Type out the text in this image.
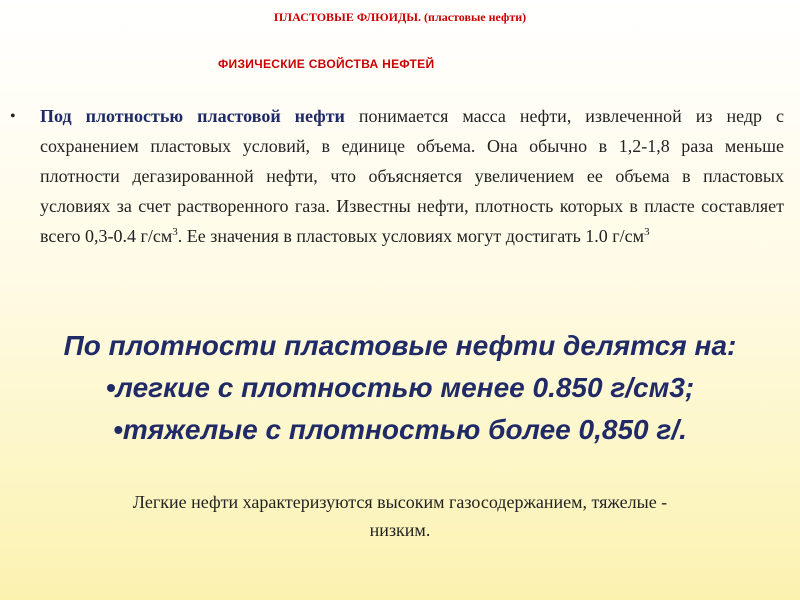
ПЛАСТОВЫЕ ФЛЮИДЫ. (пластовые нефти)
ФИЗИЧЕСКИЕ СВОЙСТВА НЕФТЕЙ
• Под плотностью пластовой нефти понимается масса нефти, извлеченной из недр с сохранением пластовых условий, в единице объема. Она обычно в 1,2-1,8 раза меньше плотности дегазированной нефти, что объясняется увеличением ее объема в пластовых условиях за счет растворенного газа. Известны нефти, плотность которых в пласте составляет всего 0,3-0.4 $г/см^3$. Ее значения в пластовых условиях могут достигать 1.0 $г/см^3$

По плотности пластовые нефти делятся на:
•легкие с плотностью менее 0.850 г/см3;
•тяжелые с плотностью более 0,850 г/.
Легкие нефти характеризуются высоким газосодержанием, тяжелые -
низким.
